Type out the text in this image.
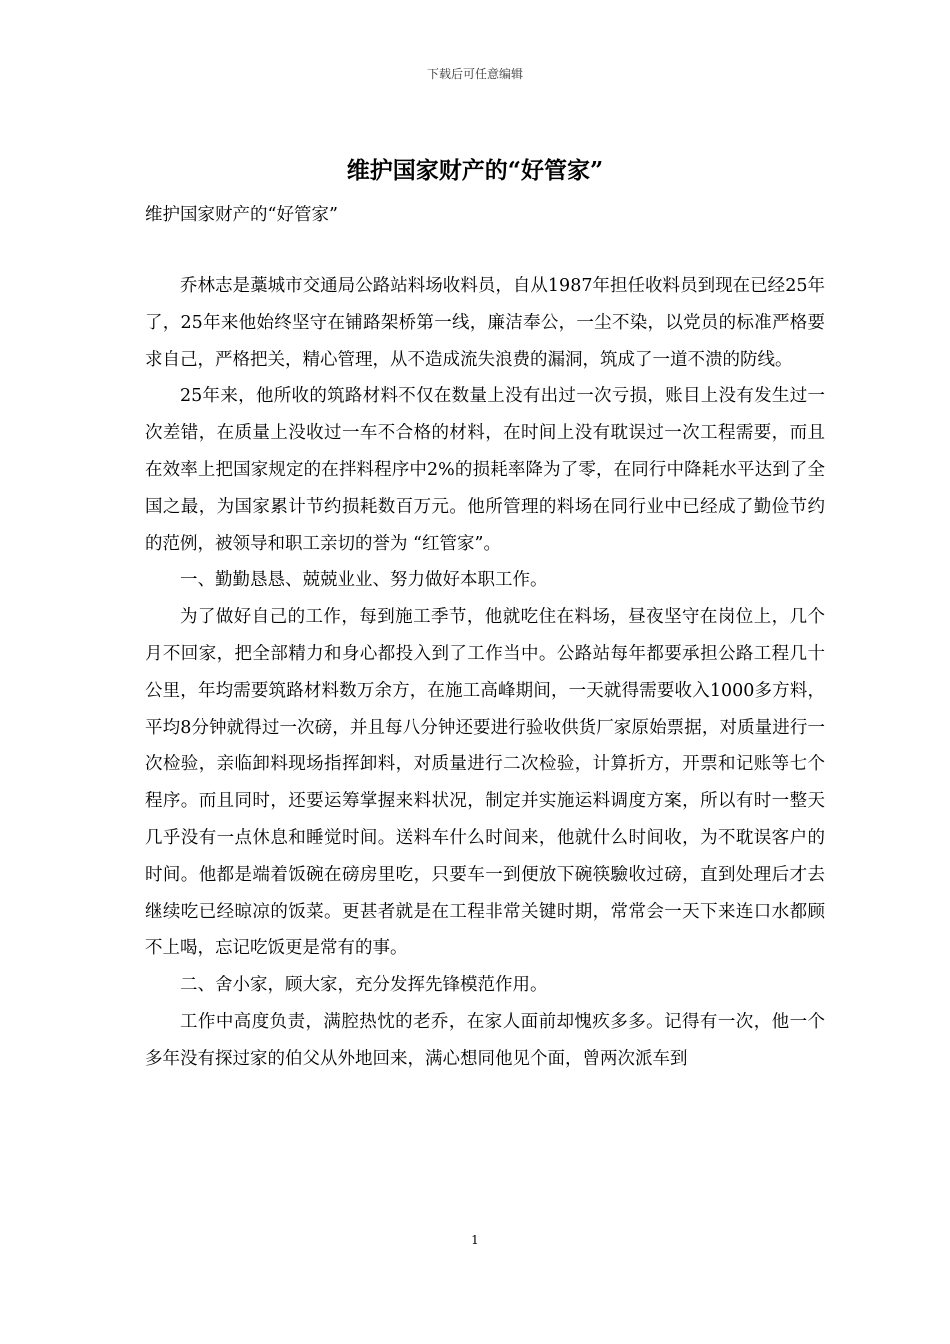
下载后可任意编辑
维护国家财产的“好管家”

维护国家财产的“好管家”

乔林志是藁城市交通局公路站料场收料员，自从1987年担任收料员到现在已经25年了，25年来他始终坚守在铺路架桥第一线，廉洁奉公，一尘不染，以党员的标准严格要求自己，严格把关，精心管理，从不造成流失浪费的漏洞，筑成了一道不溃的防线。

25年来，他所收的筑路材料不仅在数量上没有出过一次亏损，账目上没有发生过一次差错，在质量上没收过一车不合格的材料，在时间上没有耽误过一次工程需要，而且在效率上把国家规定的在拌料程序中2%的损耗率降为了零，在同行中降耗水平达到了全国之最，为国家累计节约损耗数百万元。他所管理的料场在同行业中已经成了勤俭节约的范例，被领导和职工亲切的誉为 “红管家”。

一、勤勤恳恳、兢兢业业、努力做好本职工作。

为了做好自己的工作，每到施工季节，他就吃住在料场，昼夜坚守在岗位上，几个月不回家，把全部精力和身心都投入到了工作当中。公路站每年都要承担公路工程几十公里，年均需要筑路材料数万余方，在施工高峰期间，一天就得需要收入1000多方料，平均8分钟就得过一次磅，并且每八分钟还要进行验收供货厂家原始票据，对质量进行一次检验，亲临卸料现场指挥卸料，对质量进行二次检验，计算折方，开票和记账等七个程序。而且同时，还要运筹掌握来料状况，制定并实施运料调度方案，所以有时一整天几乎没有一点休息和睡觉时间。送料车什么时间来，他就什么时间收，为不耽误客户的时间。他都是端着饭碗在磅房里吃，只要车一到便放下碗筷驗收过磅，直到处理后才去继续吃已经晾凉的饭菜。更甚者就是在工程非常关键时期，常常会一天下来连口水都顾不上喝，忘记吃饭更是常有的事。

二、舍小家，顾大家，充分发挥先锋模范作用。

工作中高度负责，满腔热忱的老乔，在家人面前却愧疚多多。记得有一次，他一个多年没有探过家的伯父从外地回来，满心想同他见个面，曾两次派车到

1
